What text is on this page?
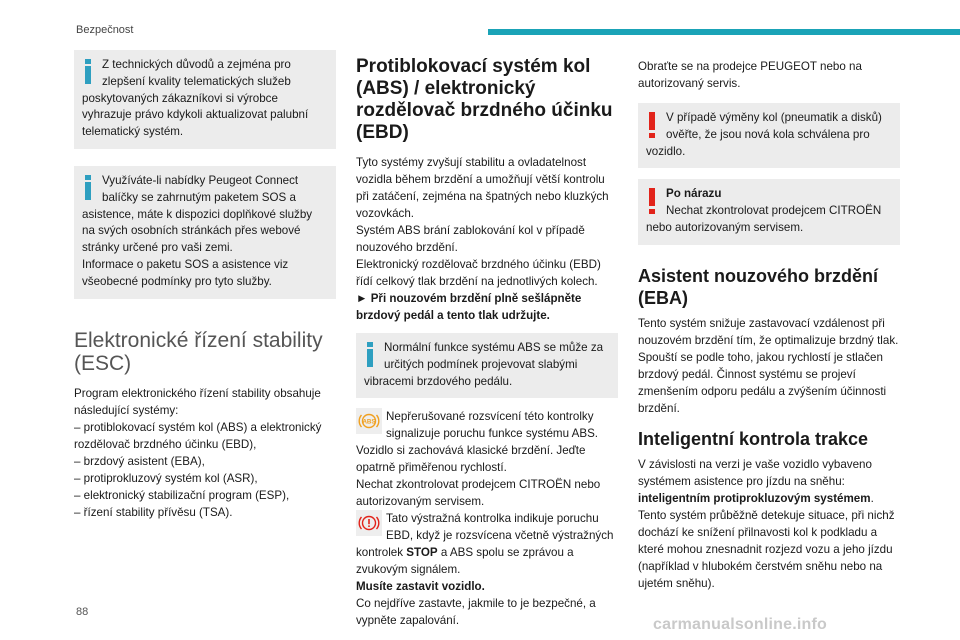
Bezpečnost

Z technických důvodů a zejména pro zlepšení kvality telematických služeb poskytovaných zákazníkovi si výrobce vyhrazuje právo kdykoli aktualizovat palubní telematický systém.

Využíváte-li nabídky Peugeot Connect balíčky se zahrnutým paketem SOS a asistence, máte k dispozici doplňkové služby na svých osobních stránkách přes webové stránky určené pro vaši zemi.

Informace o paketu SOS a asistence viz všeobecné podmínky pro tyto služby.

Elektronické řízení stability (ESC)

Program elektronického řízení stability obsahuje následující systémy:

– protiblokovací systém kol (ABS) a elektronický rozdělovač brzdného účinku (EBD),

– brzdový asistent (EBA),

– protiprokluzový systém kol (ASR),

– elektronický stabilizační program (ESP),

– řízení stability přívěsu (TSA).

Protiblokovací systém kol (ABS) / elektronický rozdělovač brzdného účinku (EBD)

Tyto systémy zvyšují stabilitu a ovladatelnost vozidla během brzdění a umožňují větší kontrolu při zatáčení, zejména na špatných nebo kluzkých vozovkách.

Systém ABS brání zablokování kol v případě nouzového brzdění.

Elektronický rozdělovač brzdného účinku (EBD) řídí celkový tlak brzdění na jednotlivých kolech.

► Při nouzovém brzdění plně sešlápněte brzdový pedál a tento tlak udržujte.

Normální funkce systému ABS se může za určitých podmínek projevovat slabými vibracemi brzdového pedálu.

ABS Nepřerušované rozsvícení této kontrolky signalizuje poruchu funkce systému ABS.

Vozidlo si zachovává klasické brzdění. Jeďte opatrně přiměřenou rychlostí.

Nechat zkontrolovat prodejcem CITROËN nebo autorizovaným servisem.

Tato výstražná kontrolka indikuje poruchu EBD, když je rozsvícena včetně výstražných kontrolek STOP a ABS spolu se zprávou a zvukovým signálem.

Musíte zastavit vozidlo.

Co nejdříve zastavte, jakmile to je bezpečné, a vypněte zapalování.

Obraťte se na prodejce PEUGEOT nebo na autorizovaný servis.

V případě výměny kol (pneumatik a disků) ověřte, že jsou nová kola schválena pro vozidlo.

Po nárazu

Nechat zkontrolovat prodejcem CITROËN nebo autorizovaným servisem.

Asistent nouzového brzdění (EBA)

Tento systém snižuje zastavovací vzdálenost při nouzovém brzdění tím, že optimalizuje brzdný tlak.

Spouští se podle toho, jakou rychlostí je stlačen brzdový pedál. Činnost systému se projeví zmenšením odporu pedálu a zvýšením účinnosti brzdění.

Inteligentní kontrola trakce

V závislosti na verzi je vaše vozidlo vybaveno systémem asistence pro jízdu na sněhu: inteligentním protiprokluzovým systémem.

Tento systém průběžně detekuje situace, při nichž dochází ke snížení přilnavosti kol k podkladu a které mohou znesnadnit rozjezd vozu a jeho jízdu (například v hlubokém čerstvém sněhu nebo na ujetém sněhu).

88
carmanualsonline.info
